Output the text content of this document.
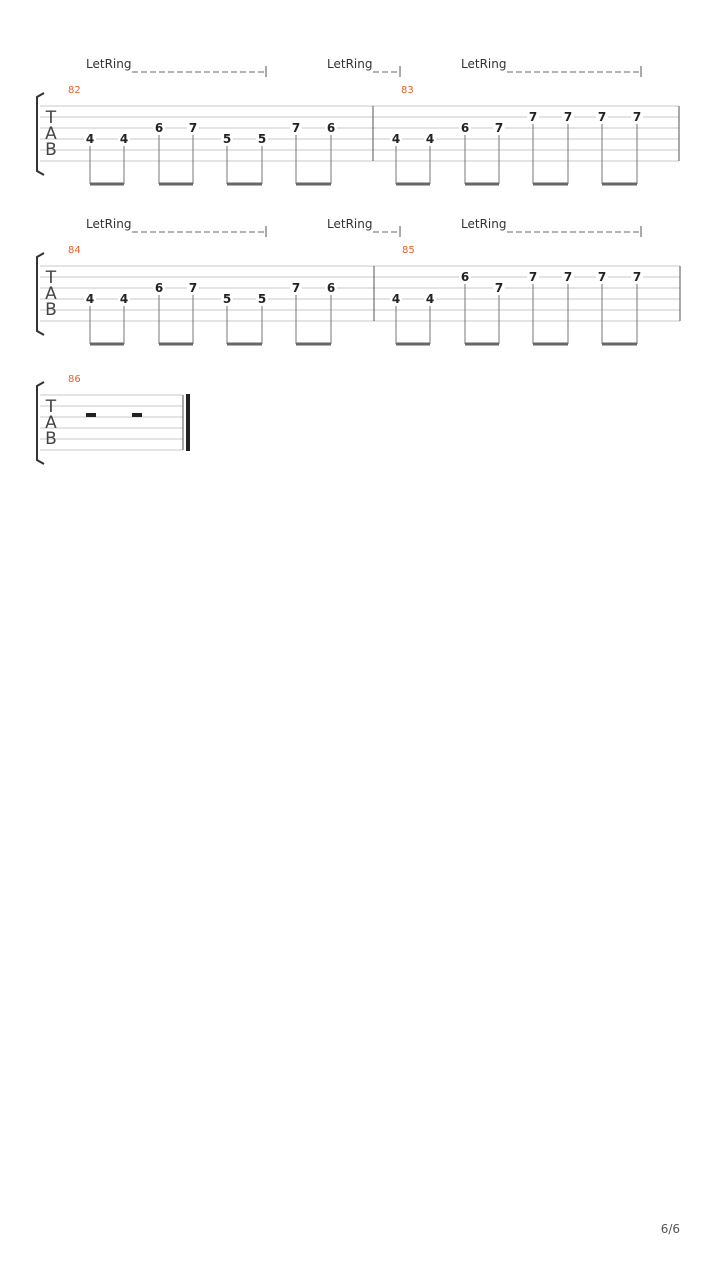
T
A
B
LetRing	LetRing	LetRing
82
4 4
6 7
5 5
7 6
83
4 4
6 7
7 7 7 7
T
A
B
LetRing	LetRing	LetRing
84
4 4
6 7
5 5
7 6
85
4 4
6
7
7 7 7 7
T
A
B
86
6/6
